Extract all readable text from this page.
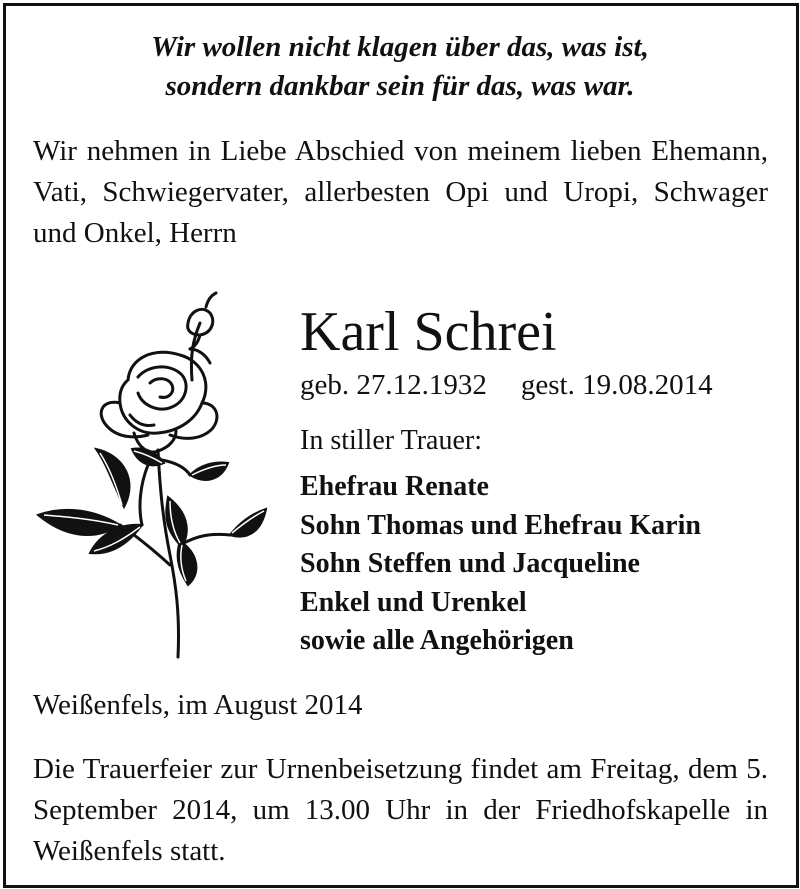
Wir wollen nicht klagen über das, was ist,
sondern dankbar sein für das, was war.
Wir nehmen in Liebe Abschied von meinem lieben Ehemann, Vati, Schwiegervater, allerbesten Opi und Uropi, Schwager und Onkel, Herrn
Karl Schrei
geb. 27.12.1932 gest. 19.08.2014
In stiller Trauer:
Ehefrau Renate
Sohn Thomas und Ehefrau Karin
Sohn Steffen und Jacqueline
Enkel und Urenkel
sowie alle Angehörigen
Weißenfels, im August 2014
Die Trauerfeier zur Urnenbeisetzung findet am Freitag, dem 5. September 2014, um 13.00 Uhr in der Friedhofskapelle in Weißenfels statt.
